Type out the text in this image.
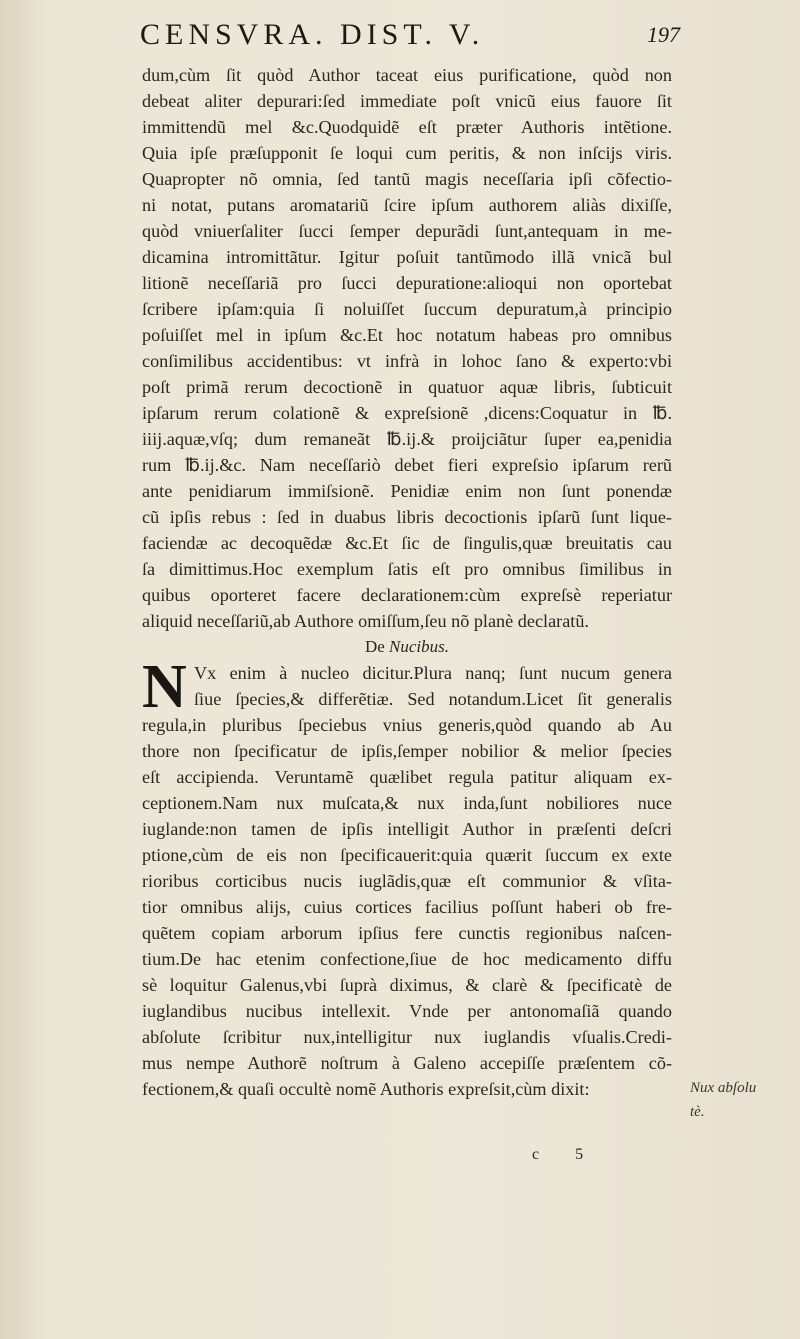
CENSVRA. DIST. V.	197
dum,cùm ſit quòd Author taceat eius purificatione, quòd non
debeat aliter depurari:ſed immediate poſt vnicũ eius fauore ſit
immittendũ mel &c.Quodquidẽ eſt præter Authoris intẽtione.
Quia ipſe præſupponit ſe loqui cum peritis, & non inſcijs viris.
Quapropter nõ omnia, ſed tantũ magis neceſſaria ipſi cõfectio-
ni notat, putans aromatariũ ſcire ipſum authorem aliàs dixiſſe,
quòd vniuerſaliter ſucci ſemper depurãdi ſunt,antequam in me-
dicamina intromittãtur. Igitur poſuit tantũmodo illã vnicã bul
litionẽ neceſſariã pro ſucci depuratione:alioqui non oportebat
ſcribere ipſam:quia ſi noluiſſet ſuccum depuratum,à principio
poſuiſſet mel in ipſum &c.Et hoc notatum habeas pro omnibus
conſimilibus accidentibus: vt infrà in lohoc ſano & experto:vbi
poſt primã rerum decoctionẽ in quatuor aquæ libris, ſubticuit
ipſarum rerum colationẽ & expreſsionẽ ,dicens:Coquatur in ℔.
iiij.aquæ,vſq; dum remaneãt ℔.ij.& proijciãtur ſuper ea,penidia
rum ℔.ij.&c. Nam neceſſariò debet fieri expreſsio ipſarum rerũ
ante penidiarum immiſsionẽ. Penidiæ enim non ſunt ponendæ
cũ ipſis rebus : ſed in duabus libris decoctionis ipſarũ ſunt lique-
faciendæ ac decoquẽdæ &c.Et ſic de ſingulis,quæ breuitatis cau
ſa dimittimus.Hoc exemplum ſatis eſt pro omnibus ſimilibus in
quibus oporteret facere declarationem:cùm expreſsè reperiatur
aliquid neceſſariũ,ab Authore omiſſum,ſeu nõ planè declaratũ.
De Nucibus.
N Vx enim à nucleo dicitur.Plura nanq; ſunt nucum genera
ſiue ſpecies,& differẽtiæ. Sed notandum.Licet ſit generalis
regula,in pluribus ſpeciebus vnius generis,quòd quando ab Au
thore non ſpecificatur de ipſis,ſemper nobilior & melior ſpecies
eſt accipienda. Veruntamẽ quælibet regula patitur aliquam ex-
ceptionem.Nam nux muſcata,& nux inda,ſunt nobiliores nuce
iuglande:non tamen de ipſis intelligit Author in præſenti deſcri
ptione,cùm de eis non ſpecificauerit:quia quærit ſuccum ex exte
rioribus corticibus nucis iuglãdis,quæ eſt communior & vſita-
tior omnibus alijs, cuius cortices facilius poſſunt haberi ob fre-
quẽtem copiam arborum ipſius fere cunctis regionibus naſcen-
tium.De hac etenim confectione,ſiue de hoc medicamento diffu
sè loquitur Galenus,vbi ſuprà diximus, & clarè & ſpecificatè de
iuglandibus nucibus intellexit. Vnde per antonomaſiã quando
abſolute ſcribitur nux,intelligitur nux iuglandis vſualis.Credi-
mus nempe Authorẽ noſtrum à Galeno accepiſſe præſentem cõ-
fectionem,& quaſi occultè nomẽ Authoris expreſsit,cùm dixit:	Nux abſolu
tè.
c 5
